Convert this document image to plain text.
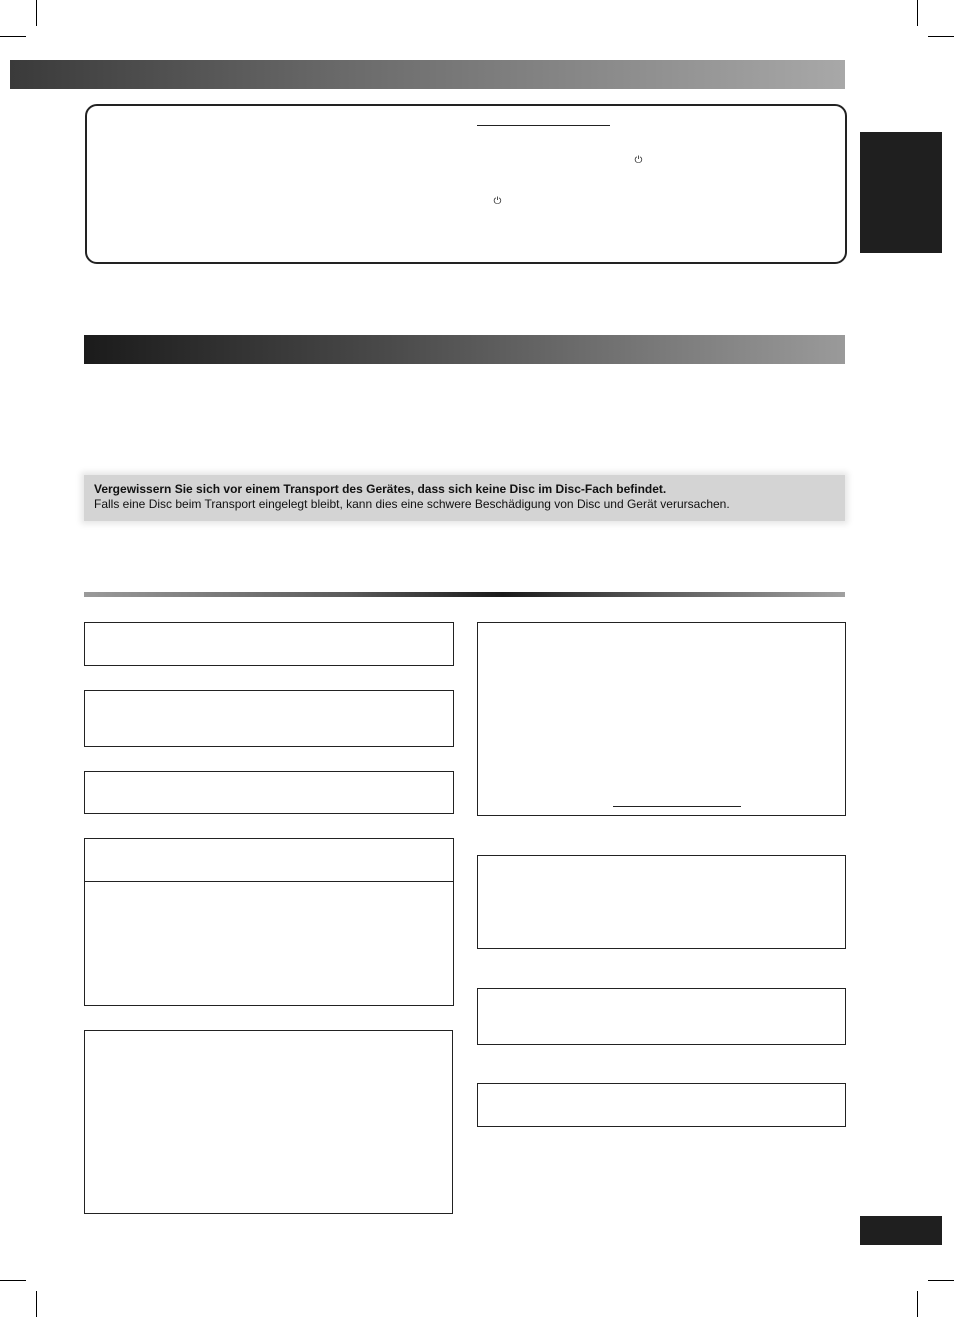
⏻
⏻
Vergewissern Sie sich vor einem Transport des Gerätes, dass sich keine Disc im Disc-Fach befindet.
Falls eine Disc beim Transport eingelegt bleibt, kann dies eine schwere Beschädigung von Disc und Gerät verursachen.
